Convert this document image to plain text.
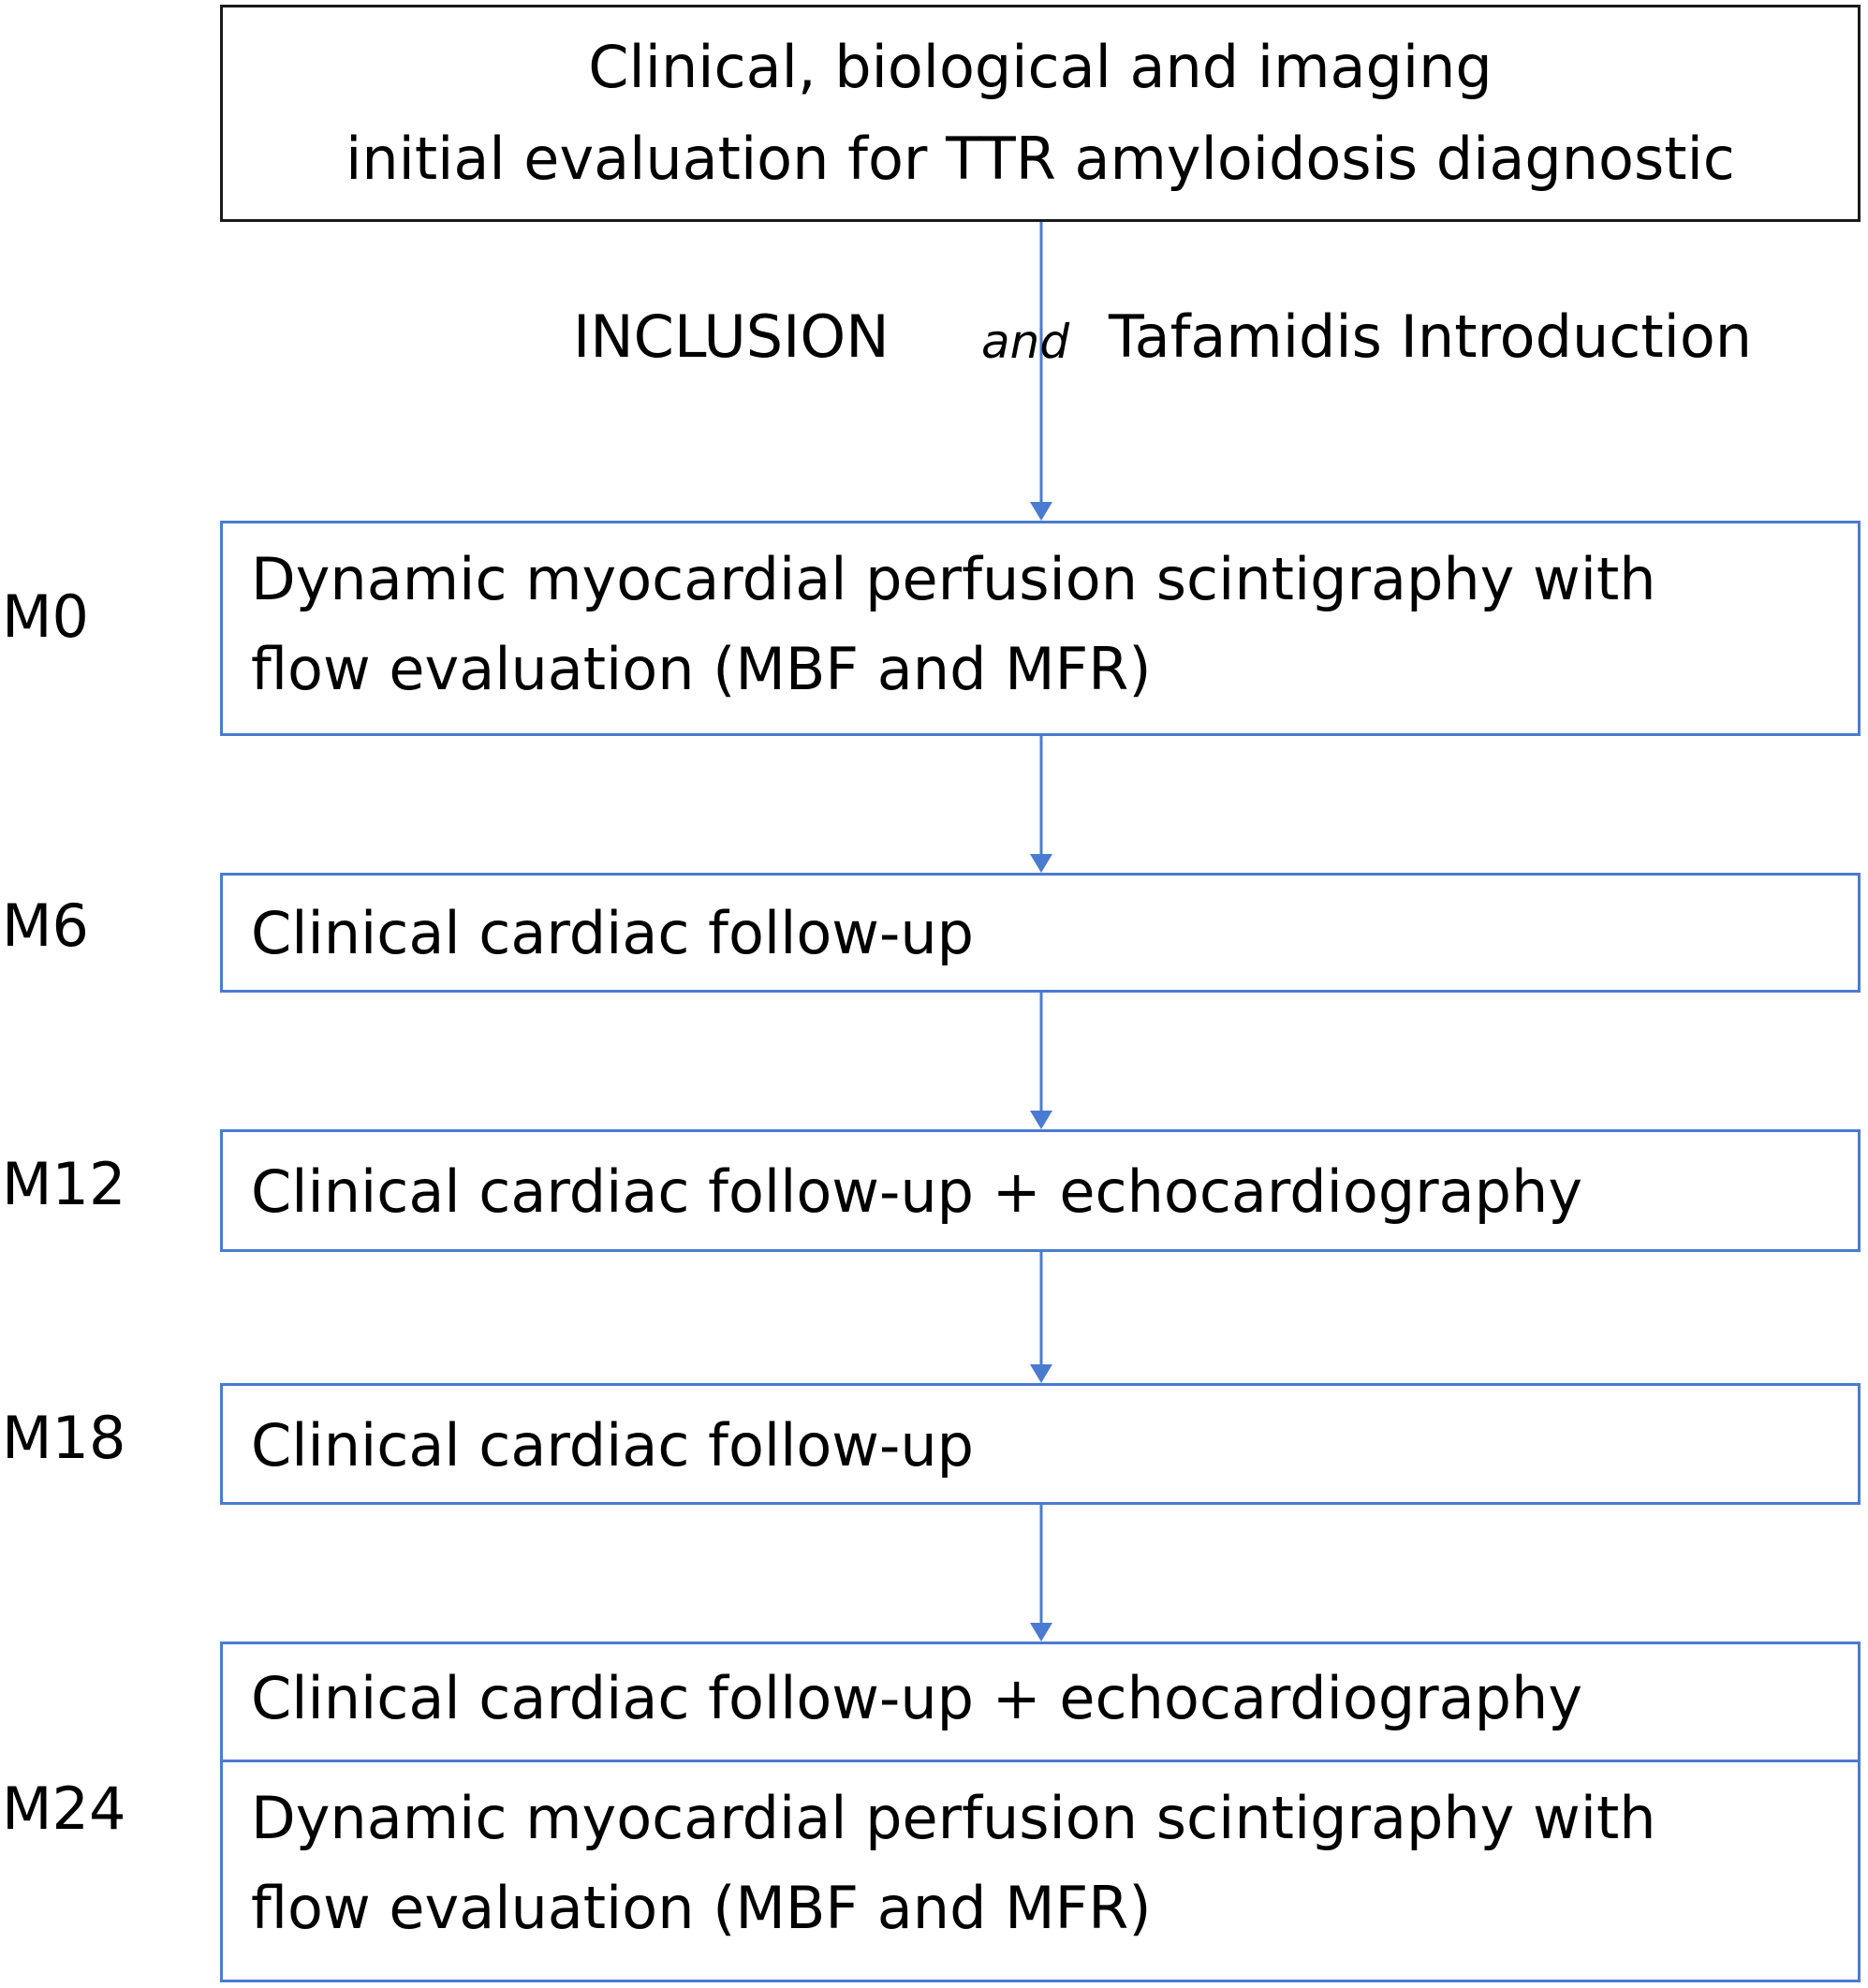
Clinical, biological and imaging
initial evaluation for TTR amyloidosis diagnostic
INCLUSION and Tafamidis Introduction
M0
Dynamic myocardial perfusion scintigraphy with
flow evaluation (MBF and MFR)
M6	Clinical cardiac follow-up
M12	Clinical cardiac follow-up + echocardiography
M18	Clinical cardiac follow-up
M24
Clinical cardiac follow-up + echocardiography
Dynamic myocardial perfusion scintigraphy with
flow evaluation (MBF and MFR)
